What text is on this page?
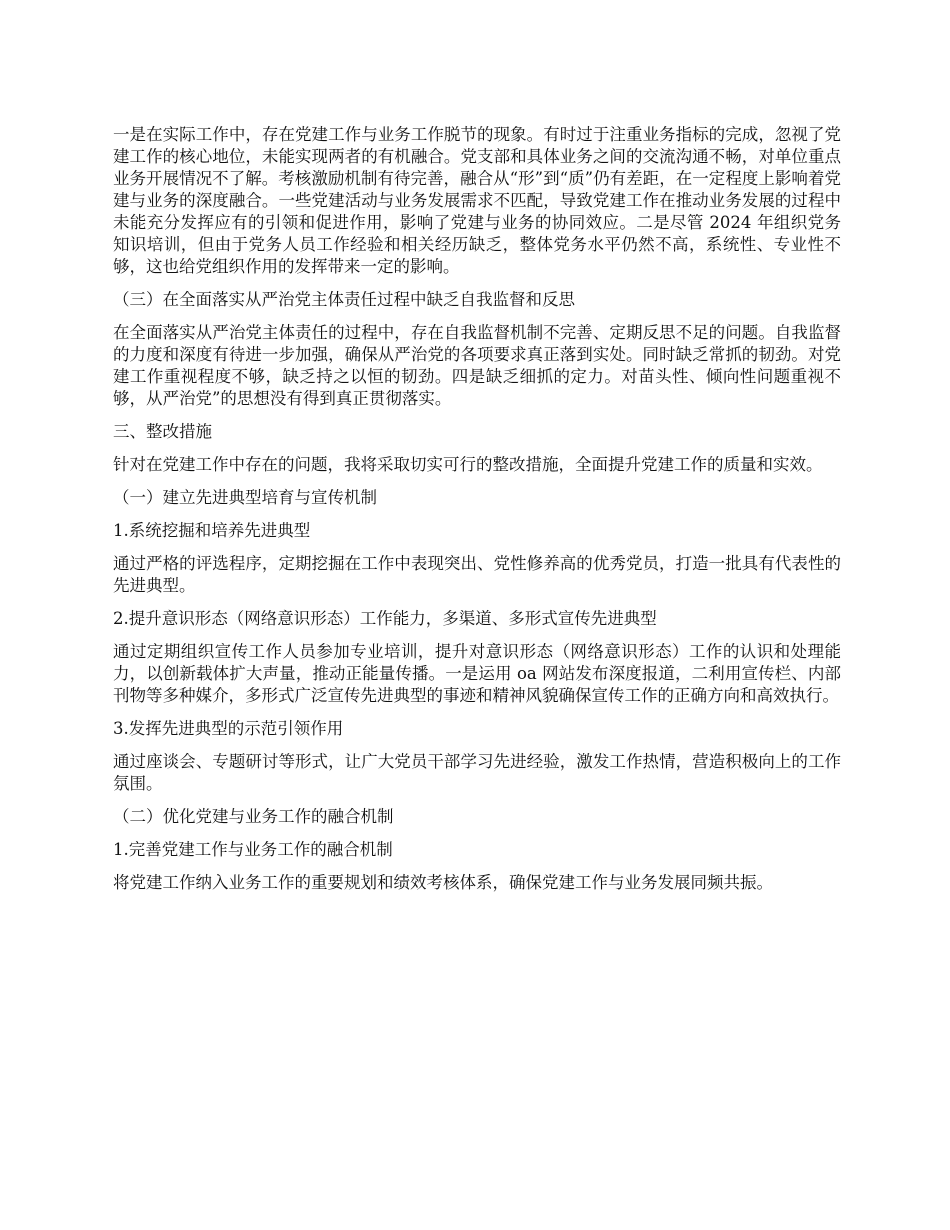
一是在实际工作中，存在党建工作与业务工作脱节的现象。有时过于注重业务指标的完成，忽视了党建工作的核心地位，未能实现两者的有机融合。党支部和具体业务之间的交流沟通不畅，对单位重点业务开展情况不了解。考核激励机制有待完善，融合从“形”到“质”仍有差距，在一定程度上影响着党建与业务的深度融合。一些党建活动与业务发展需求不匹配，导致党建工作在推动业务发展的过程中未能充分发挥应有的引领和促进作用，影响了党建与业务的协同效应。二是尽管 2024 年组织党务知识培训，但由于党务人员工作经验和相关经历缺乏，整体党务水平仍然不高，系统性、专业性不够，这也给党组织作用的发挥带来一定的影响。

（三）在全面落实从严治党主体责任过程中缺乏自我监督和反思

在全面落实从严治党主体责任的过程中，存在自我监督机制不完善、定期反思不足的问题。自我监督的力度和深度有待进一步加强，确保从严治党的各项要求真正落到实处。同时缺乏常抓的韧劲。对党建工作重视程度不够，缺乏持之以恒的韧劲。四是缺乏细抓的定力。对苗头性、倾向性问题重视不够，从严治党”的思想没有得到真正贯彻落实。

三、整改措施

针对在党建工作中存在的问题，我将采取切实可行的整改措施，全面提升党建工作的质量和实效。

（一）建立先进典型培育与宣传机制

1.系统挖掘和培养先进典型

通过严格的评选程序，定期挖掘在工作中表现突出、党性修养高的优秀党员，打造一批具有代表性的先进典型。

2.提升意识形态（网络意识形态）工作能力，多渠道、多形式宣传先进典型

通过定期组织宣传工作人员参加专业培训，提升对意识形态（网络意识形态）工作的认识和处理能力，以创新载体扩大声量，推动正能量传播。一是运用 oa 网站发布深度报道，二利用宣传栏、内部刊物等多种媒介，多形式广泛宣传先进典型的事迹和精神风貌确保宣传工作的正确方向和高效执行。

3.发挥先进典型的示范引领作用

通过座谈会、专题研讨等形式，让广大党员干部学习先进经验，激发工作热情，营造积极向上的工作氛围。

（二）优化党建与业务工作的融合机制

1.完善党建工作与业务工作的融合机制

将党建工作纳入业务工作的重要规划和绩效考核体系，确保党建工作与业务发展同频共振。
